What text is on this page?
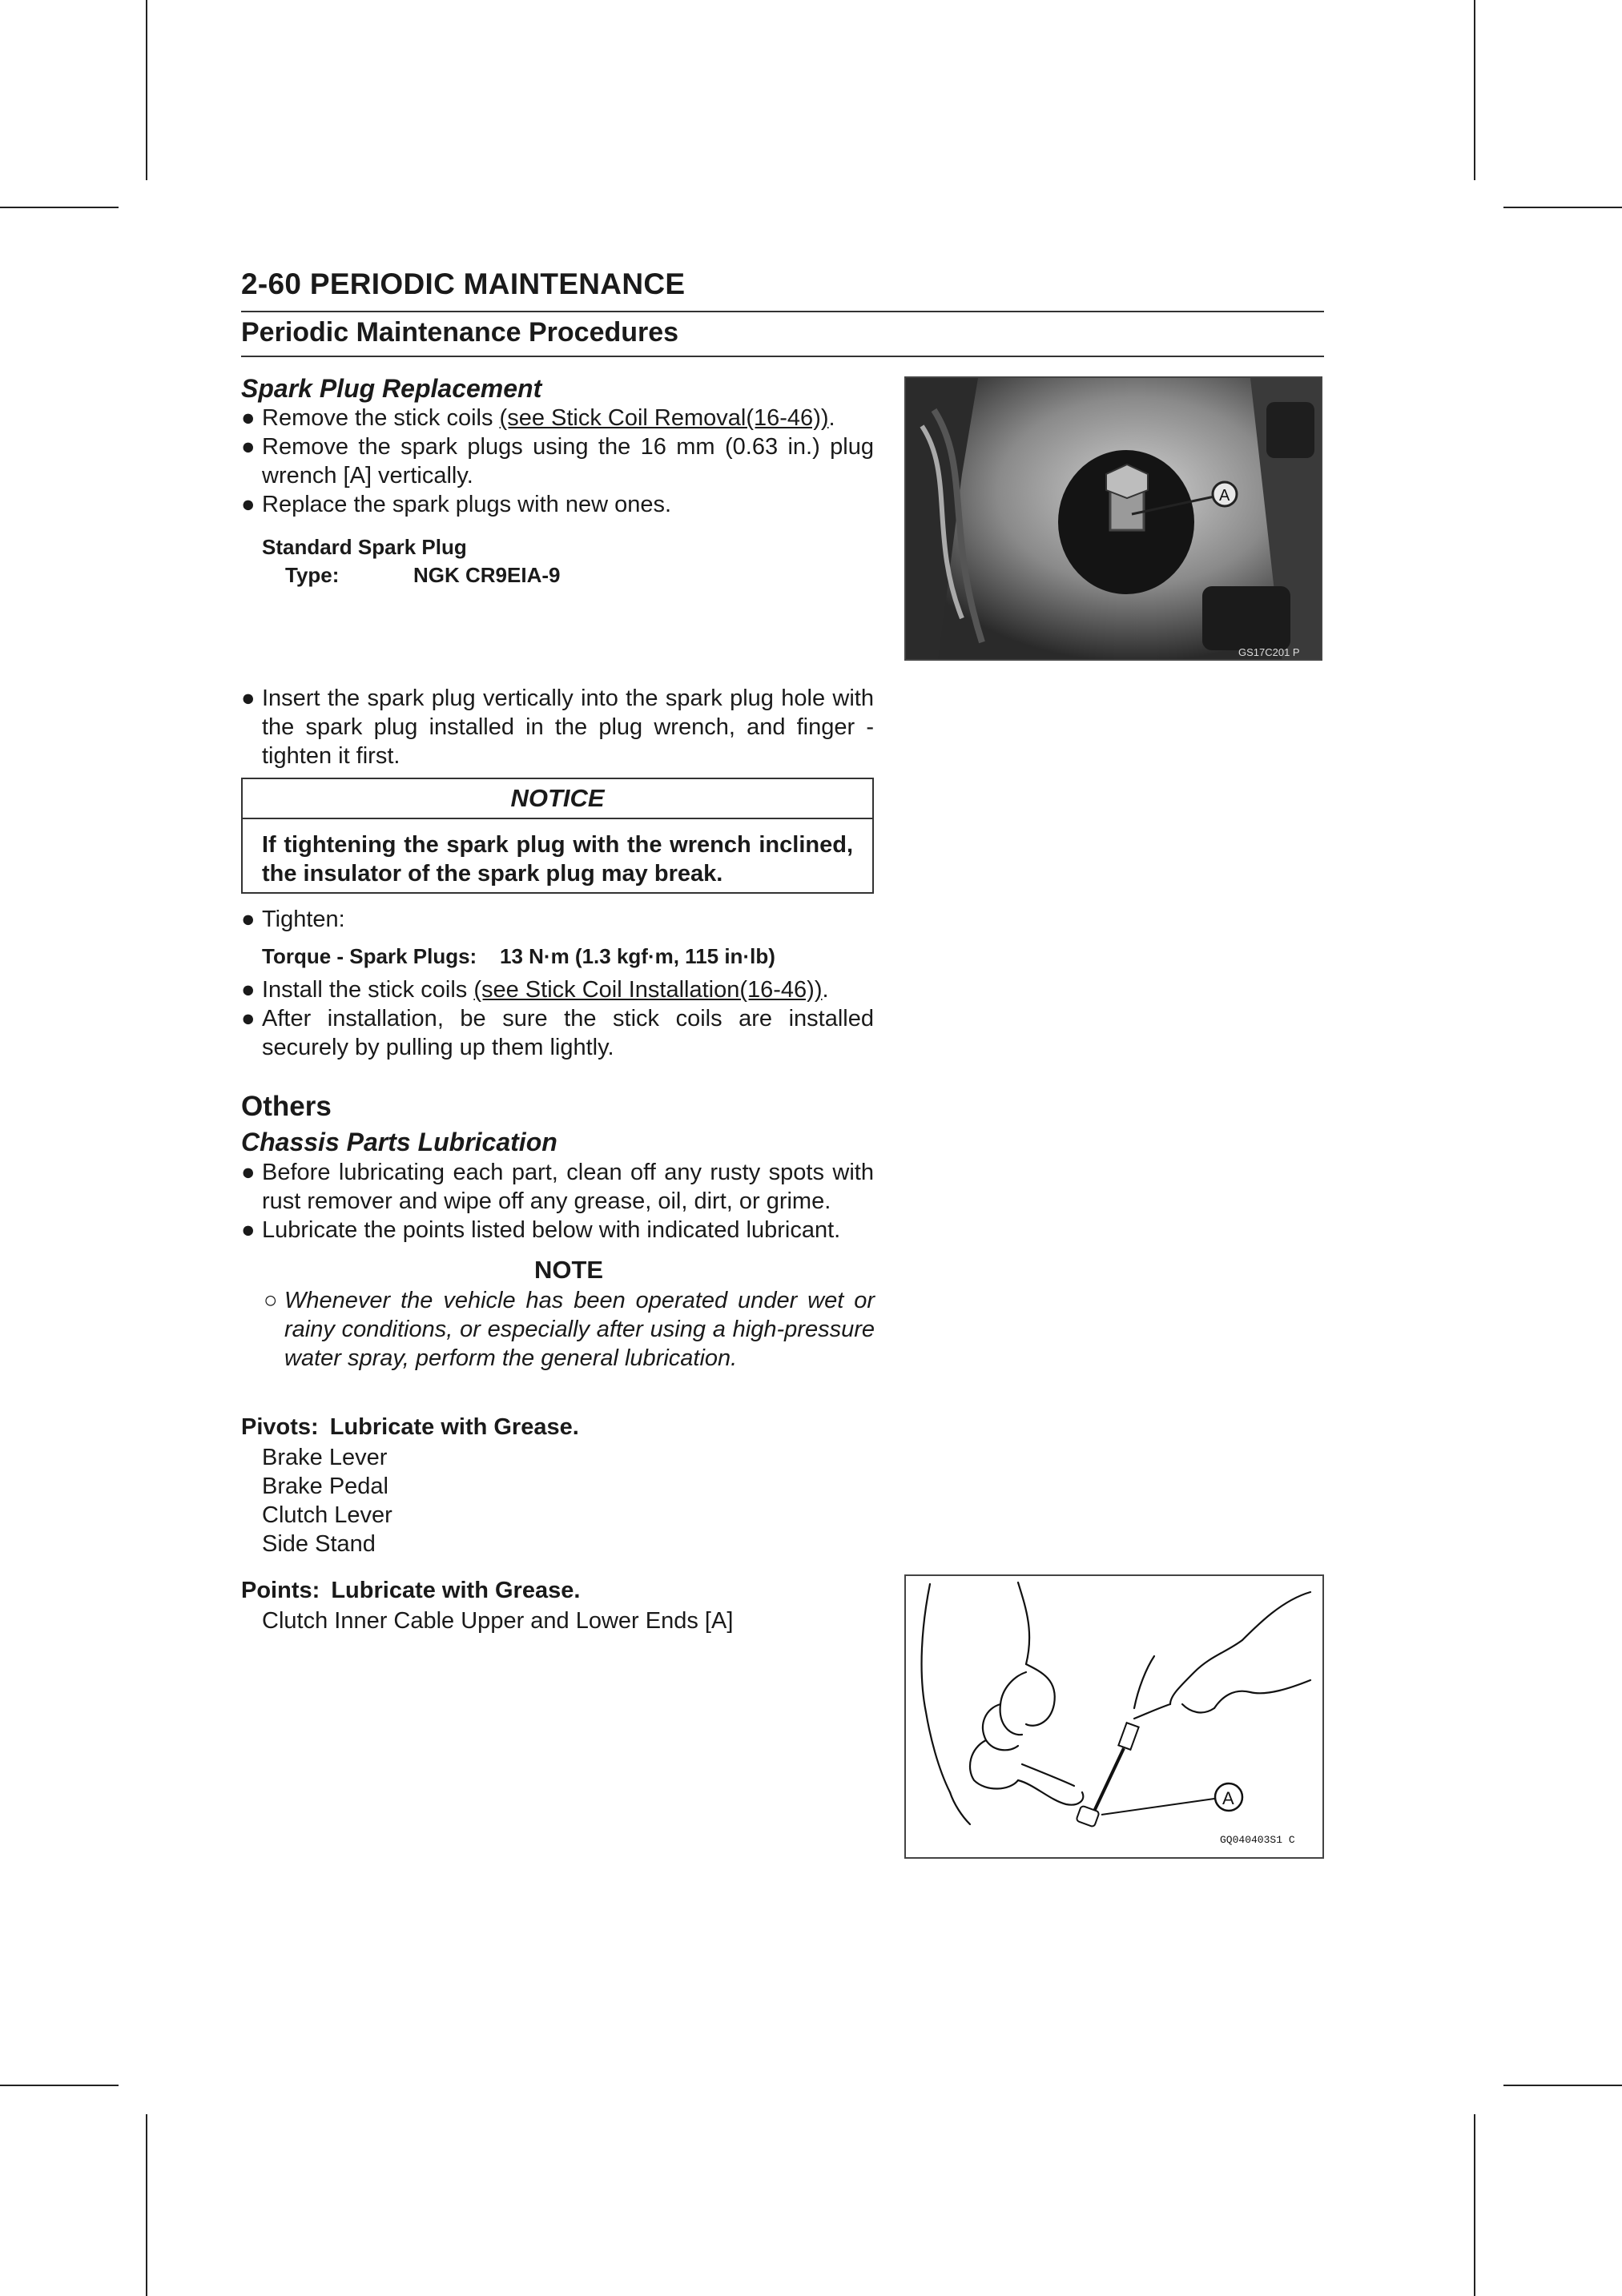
2-60 PERIODIC MAINTENANCE
Periodic Maintenance Procedures
Spark Plug Replacement
● Remove the stick coils (see Stick Coil Removal(16-46)).
● Remove the spark plugs using the 16 mm (0.63 in.) plug wrench [A] vertically.
● Replace the spark plugs with new ones.
Standard Spark Plug
Type:	NGK CR9EIA-9
A
GS17C201 P
● Insert the spark plug vertically into the spark plug hole with the spark plug installed in the plug wrench, and finger -tighten it first.
NOTICE
If tightening the spark plug with the wrench inclined, the insulator of the spark plug may break.
● Tighten:
Torque - Spark Plugs: 13 N·m (1.3 kgf·m, 115 in·lb)
● Install the stick coils (see Stick Coil Installation(16-46)).
● After installation, be sure the stick coils are installed securely by pulling up them lightly.
Others
Chassis Parts Lubrication
● Before lubricating each part, clean off any rusty spots with rust remover and wipe off any grease, oil, dirt, or grime.
● Lubricate the points listed below with indicated lubricant.
NOTE
○ Whenever the vehicle has been operated under wet or rainy conditions, or especially after using a high-pressure water spray, perform the general lubrication.
Pivots: Lubricate with Grease.
Brake Lever
Brake Pedal
Clutch Lever
Side Stand
Points: Lubricate with Grease.
Clutch Inner Cable Upper and Lower Ends [A]
A
GQ040403S1 C
